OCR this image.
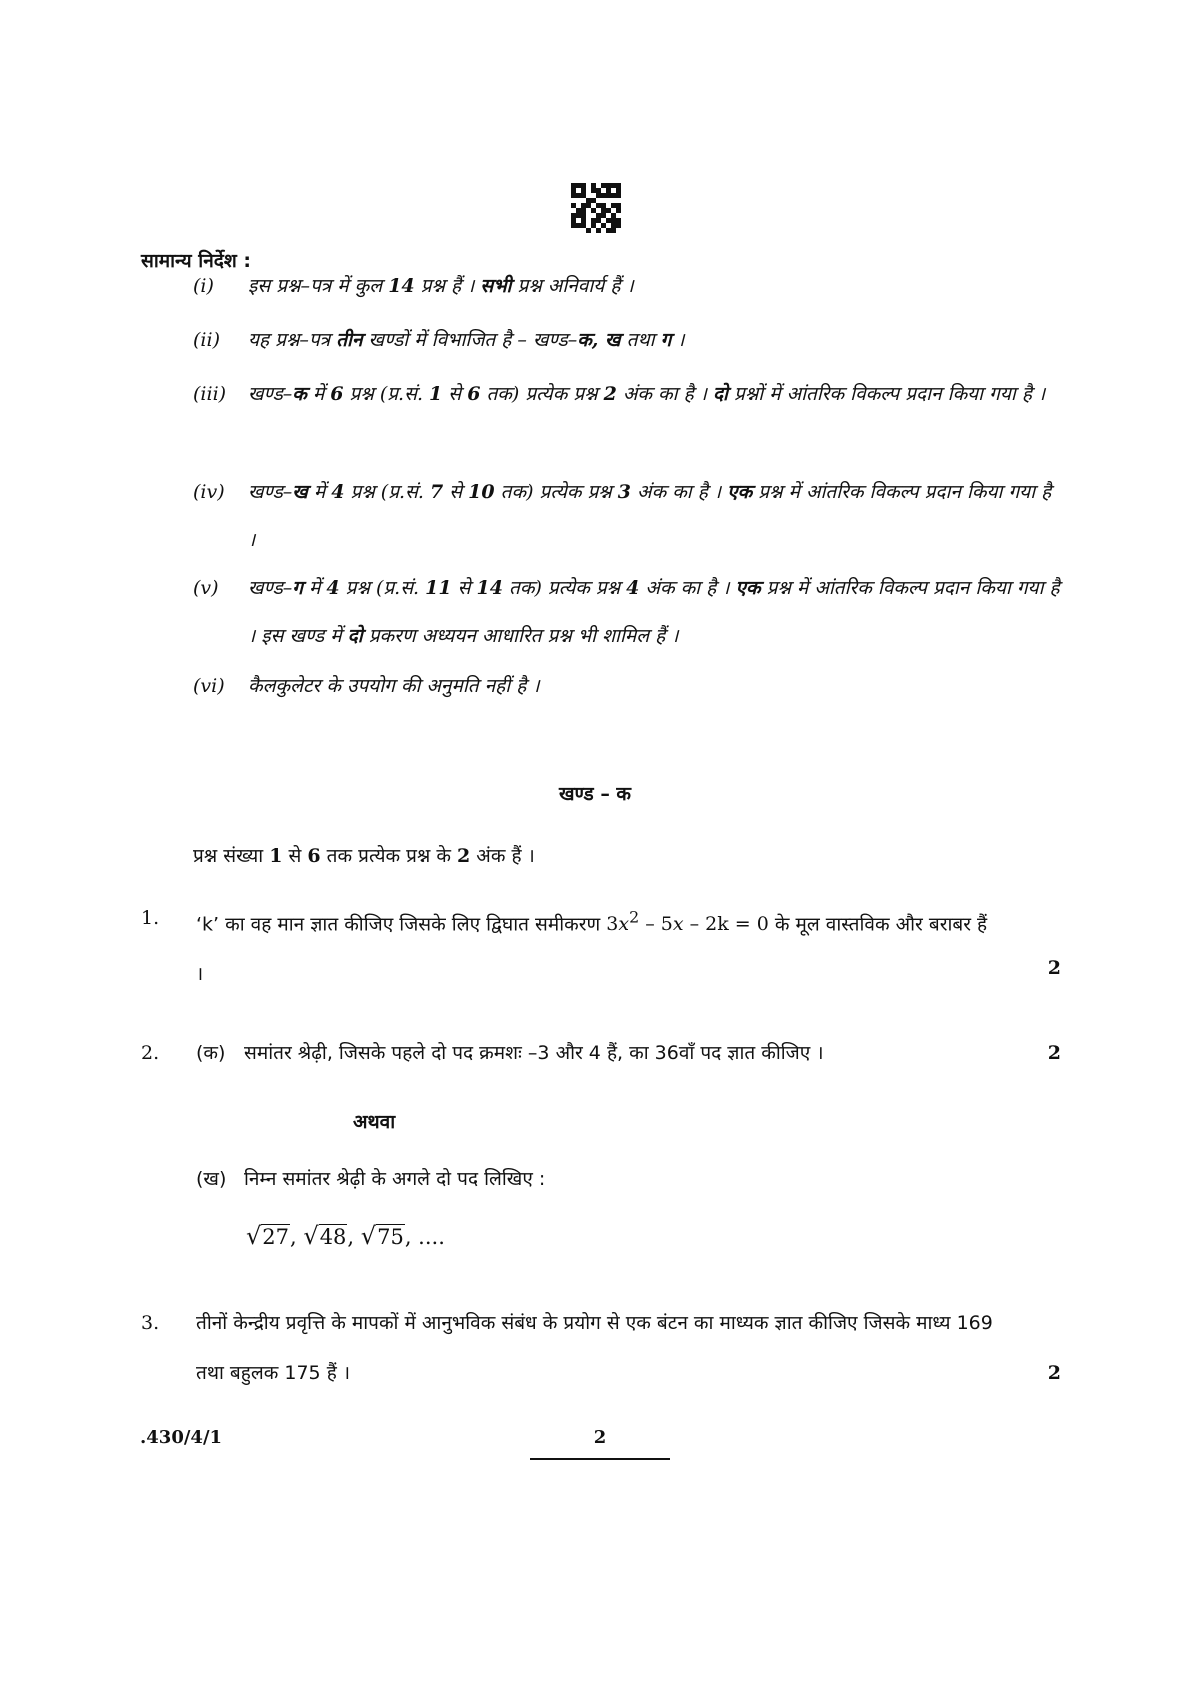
सामान्य निर्देश :
(i)	इस प्रश्न–पत्र में कुल 14 प्रश्न हैं । सभी प्रश्न अनिवार्य हैं ।
(ii)	यह प्रश्न–पत्र तीन खण्डों में विभाजित है – खण्ड–क, ख तथा ग ।
(iii)	खण्ड–क में 6 प्रश्न (प्र.सं. 1 से 6 तक) प्रत्येक प्रश्न 2 अंक का है । दो प्रश्नों में आंतरिक विकल्प प्रदान किया गया है ।
(iv)	खण्ड–ख में 4 प्रश्न (प्र.सं. 7 से 10 तक) प्रत्येक प्रश्न 3 अंक का है । एक प्रश्न में आंतरिक विकल्प प्रदान किया गया है ।
(v)	खण्ड–ग में 4 प्रश्न (प्र.सं. 11 से 14 तक) प्रत्येक प्रश्न 4 अंक का है । एक प्रश्न में आंतरिक विकल्प प्रदान किया गया है । इस खण्ड में दो प्रकरण अध्ययन आधारित प्रश्न भी शामिल हैं ।
(vi)	कैलकुलेटर के उपयोग की अनुमति नहीं है ।
खण्ड – क
प्रश्न संख्या 1 से 6 तक प्रत्येक प्रश्न के 2 अंक हैं ।
1. ‘k’ का वह मान ज्ञात कीजिए जिसके लिए द्विघात समीकरण $3x^2 - 5x - 2k = 0$ के मूल वास्तविक और बराबर हैं ।	2
2. (क) समांतर श्रेढ़ी, जिसके पहले दो पद क्रमशः –3 और 4 हैं, का 36वाँ पद ज्ञात कीजिए ।	2
अथवा
(ख) निम्न समांतर श्रेढ़ी के अगले दो पद लिखिए :
√27, √48, √75, ....
3. तीनों केन्द्रीय प्रवृत्ति के मापकों में आनुभविक संबंध के प्रयोग से एक बंटन का माध्यक ज्ञात कीजिए जिसके माध्य 169 तथा बहुलक 175 हैं ।	2
.430/4/1	2
